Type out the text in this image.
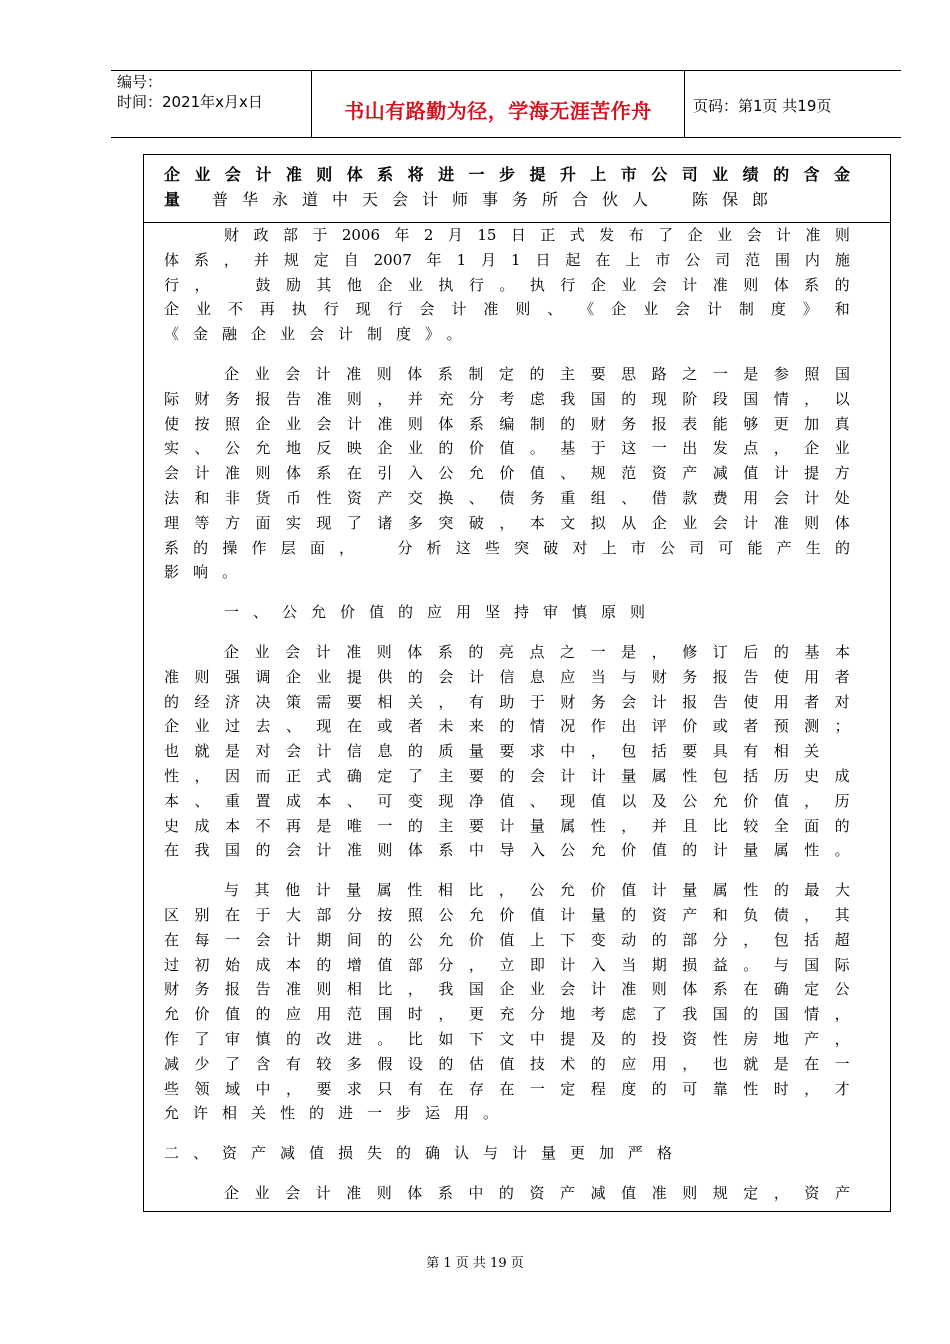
编号：
时间：2021年x月x日	书山有路勤为径，学海无涯苦作舟	页码：第1页 共19页
企 业 会 计 准 则 体 系 将 进 一 步 提 升 上 市 公 司 业 绩 的 含 金
量 普华永道中天会计师事务所合伙人　陈保郎
财 政 部 于 2006 年 2 月 15 日 正 式 发 布 了 企 业 会 计 准 则
体 系 ， 并 规 定 自 2007 年 1 月 1 日 起 在 上 市 公 司 范 围 内 施
行 ，
　	鼓 励 其 他 企 业 执 行 。 执 行 企 业 会 计 准 则 体 系 的
企 业 不 再 执 行 现 行 会 计 准 则 、 《 企 业 会 计 制 度 》 和
《金融企业会计制度》。
企 业 会 计 准 则 体 系 制 定 的 主 要 思 路 之 一 是 参 照 国
际 财 务 报 告 准 则 ， 并 充 分 考 虑 我 国 的 现 阶 段 国 情 ， 以
使 按 照 企 业 会 计 准 则 体 系 编 制 的 财 务 报 表 能 够 更 加 真
实 、 公 允 地 反 映 企 业 的 价 值 。 基 于 这 一 出 发 点 ， 企 业
会 计 准 则 体 系 在 引 入 公 允 价 值 、 规 范 资 产 减 值 计 提 方
法 和 非 货 币 性 资 产 交 换 、 债 务 重 组 、 借 款 费 用 会 计 处
理 等 方 面 实 现 了 诸 多 突 破 ， 本 文 拟 从 企 业 会 计 准 则 体
系 的 操 作 层 面 ，
　	分 析 这 些 突 破 对 上 市 公 司 可 能 产 生 的
影响。
一、公允价值的应用坚持审慎原则
企 业 会 计 准 则 体 系 的 亮 点 之 一 是 ， 修 订 后 的 基 本
准 则 强 调 企 业 提 供 的 会 计 信 息 应 当 与 财 务 报 告 使 用 者
的 经 济 决 策 需 要 相 关 ， 有 助 于 财 务 会 计 报 告 使 用 者 对
企 业 过 去 、 现 在 或 者 未 来 的 情 况 作 出 评 价 或 者 预 测 ；
也 就 是 对 会 计 信 息 的 质 量 要 求 中 ， 包 括 要 具 有 相 关

性 ， 因 而 正 式 确 定 了 主 要 的 会 计 计 量 属 性 包 括 历 史 成
本 、 重 置 成 本 、 可 变 现 净 值 、 现 值 以 及 公 允 价 值 ， 历
史 成 本 不 再 是 唯 一 的 主 要 计 量 属 性 ， 并 且 比 较 全 面 的
在 我 国 的 会 计 准 则 体 系 中 导 入 公 允 价 值 的 计 量 属 性 。
与 其 他 计 量 属 性 相 比 ， 公 允 价 值 计 量 属 性 的 最 大
区 别 在 于 大 部 分 按 照 公 允 价 值 计 量 的 资 产 和 负 债 ， 其
在 每 一 会 计 期 间 的 公 允 价 值 上 下 变 动 的 部 分 ， 包 括 超
过 初 始 成 本 的 增 值 部 分 ， 立 即 计 入 当 期 损 益 。 与 国 际
财 务 报 告 准 则 相 比 ， 我 国 企 业 会 计 准 则 体 系 在 确 定 公
允 价 值 的 应 用 范 围 时 ， 更 充 分 地 考 虑 了 我 国 的 国 情 ，
作 了 审 慎 的 改 进 。 比 如 下 文 中 提 及 的 投 资 性 房 地 产 ，
减 少 了 含 有 较 多 假 设 的 估 值 技 术 的 应 用 ， 也 就 是 在 一
些 领 域 中 ， 要 求 只 有 在 存 在 一 定 程 度 的 可 靠 性 时 ， 才
允许相关性的进一步运用。
二、资产减值损失的确认与计量更加严格
企 业 会 计 准 则 体 系 中 的 资 产 减 值 准 则 规 定 ， 资 产
第 1 页 共 19 页
